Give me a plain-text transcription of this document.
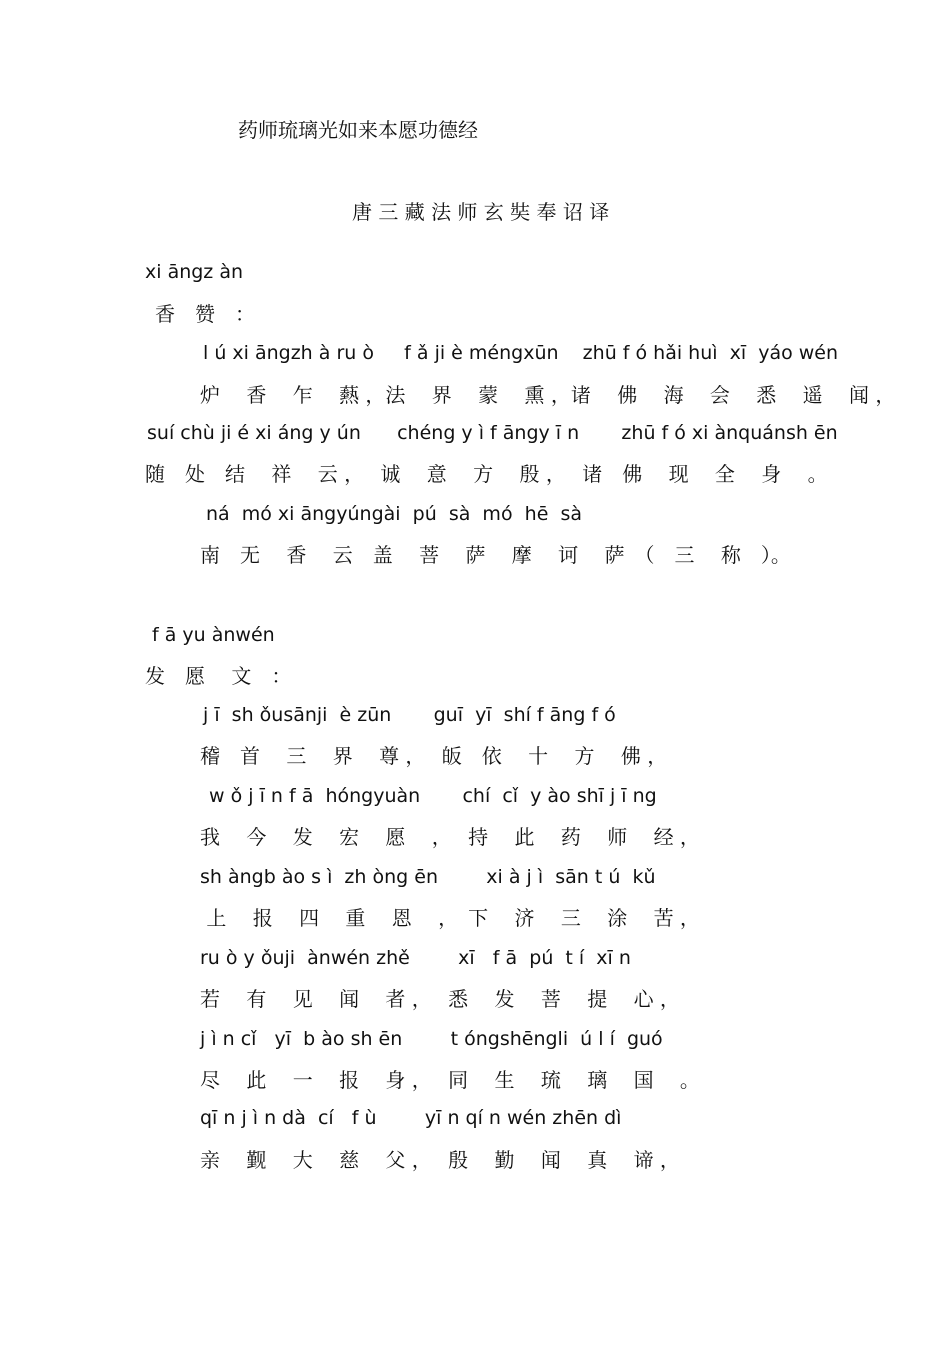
药师琉璃光如来本愿功德经

唐 三 藏 法 师 玄 奘 奉 诏 译

xi āngz àn

香　赞　：

l ú xi āngzh à ru ò     f ǎ ji è méngxūn    zhū f ó hǎi huì  xī  yáo wén

炉　 香　 乍　 爇 ，法　 界　 蒙　 熏 ，诸　 佛　 海　 会　 悉　 遥　 闻 ，

suí chù ji é xi áng y ún      chéng y ì f āngy ī n       zhū f ó xi ànquánsh ēn

随　处　结　 祥　 云 ，　 诚　 意　 方　 殷 ，　 诸　佛　 现　 全　 身　 。

ná  mó xi āngyúngài  pú  sà  mó  hē  sà

南　无　 香　 云　盖　 菩　 萨　 摩　 诃　 萨　（　三　 称　）。

f ā yu ànwén

发　愿　 文　：

j ī  sh ǒusānji  è zūn       guī  yī  shí f āng f ó

稽　首　 三　 界　 尊 ，　 皈　依　 十　 方　 佛 ，

w ǒ j ī n f ā  hóngyuàn       chí  cǐ  y ào shī j ī ng

我　 今　 发　 宏　 愿　 ，　 持　 此　 药　 师　 经 ，

sh àngb ào s ì  zh òng ēn        xi à j ì  sān t ú  kǔ

上　 报　 四　 重　 恩　 ，　下　 济　 三　 涂　 苦 ，

ru ò y ǒuji  ànwén zhě        xī   f ā  pú  t í  xī n

若　 有　 见　 闻　 者 ，　 悉　 发　 菩　 提　 心 ，

j ì n cǐ   yī  b ào sh ēn        t óngshēngli  ú l í  guó

尽　 此　 一　 报　 身 ，　 同　 生　 琉　 璃　 国　 。

qī n j ì n dà  cí   f ù        yī n qí n wén zhēn dì

亲　 觐　 大　 慈　 父 ，　 殷　 勤　 闻　 真　 谛 ，
